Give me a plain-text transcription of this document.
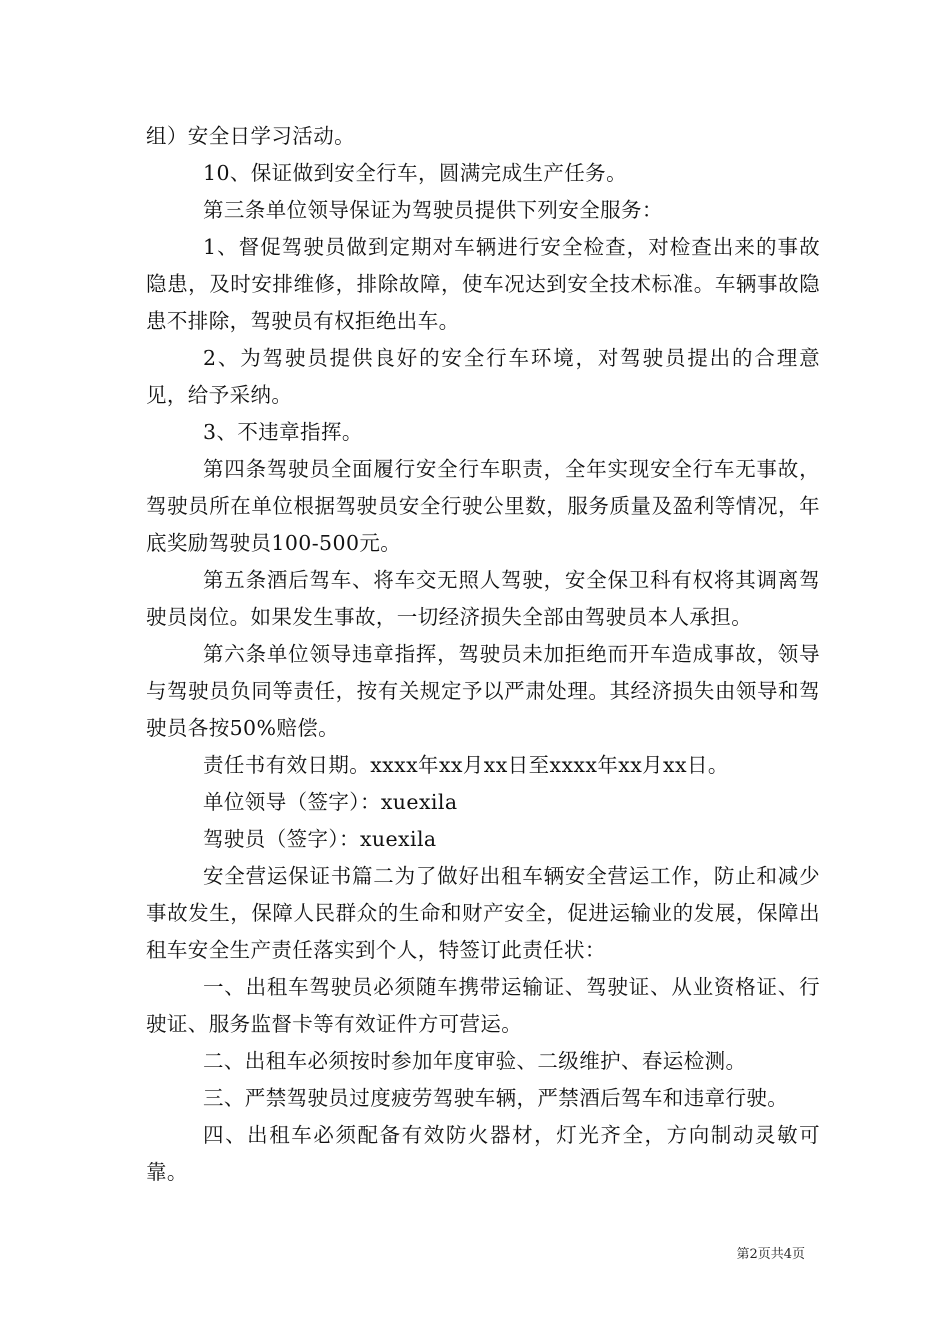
组）安全日学习活动。

10、保证做到安全行车，圆满完成生产任务。

第三条单位领导保证为驾驶员提供下列安全服务：

1、督促驾驶员做到定期对车辆进行安全检查，对检查出来的事故隐患，及时安排维修，排除故障，使车况达到安全技术标准。车辆事故隐患不排除，驾驶员有权拒绝出车。

2、为驾驶员提供良好的安全行车环境，对驾驶员提出的合理意见，给予采纳。

3、不违章指挥。

第四条驾驶员全面履行安全行车职责，全年实现安全行车无事故，驾驶员所在单位根据驾驶员安全行驶公里数，服务质量及盈利等情况，年底奖励驾驶员100-500元。

第五条酒后驾车、将车交无照人驾驶，安全保卫科有权将其调离驾驶员岗位。如果发生事故，一切经济损失全部由驾驶员本人承担。

第六条单位领导违章指挥，驾驶员未加拒绝而开车造成事故，领导与驾驶员负同等责任，按有关规定予以严肃处理。其经济损失由领导和驾驶员各按50%赔偿。

责任书有效日期。xxxx年xx月xx日至xxxx年xx月xx日。

单位领导（签字）：xuexila

驾驶员（签字）：xuexila

安全营运保证书篇二为了做好出租车辆安全营运工作，防止和减少事故发生，保障人民群众的生命和财产安全，促进运输业的发展，保障出租车安全生产责任落实到个人，特签订此责任状：

一、出租车驾驶员必须随车携带运输证、驾驶证、从业资格证、行驶证、服务监督卡等有效证件方可营运。

二、出租车必须按时参加年度审验、二级维护、春运检测。

三、严禁驾驶员过度疲劳驾驶车辆，严禁酒后驾车和违章行驶。

四、出租车必须配备有效防火器材，灯光齐全，方向制动灵敏可靠。

第2页共4页
